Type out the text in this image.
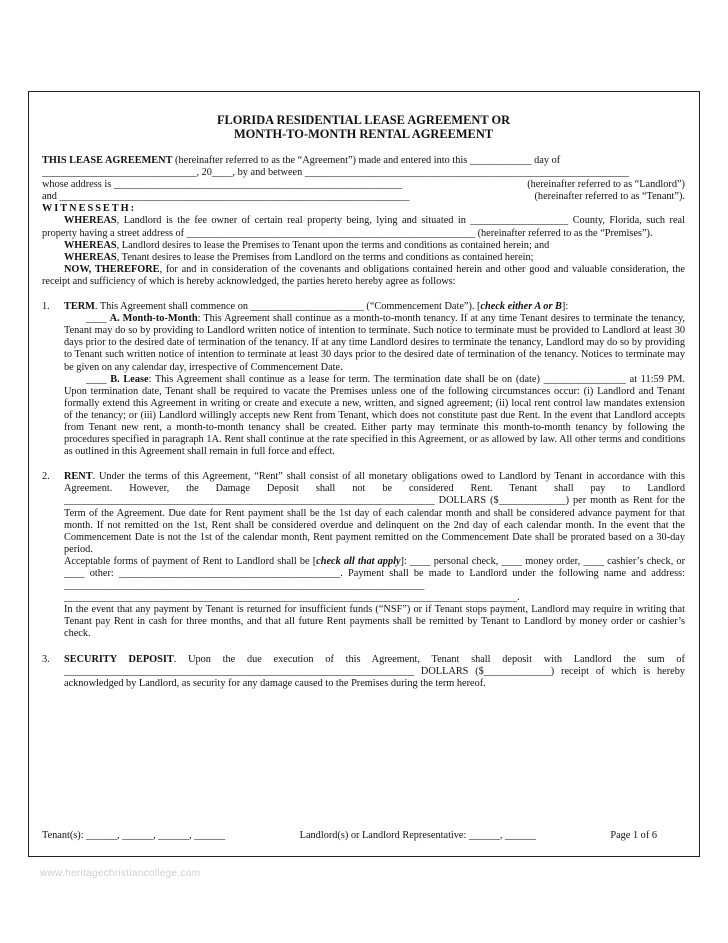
FLORIDA RESIDENTIAL LEASE AGREEMENT OR
MONTH-TO-MONTH RENTAL AGREEMENT

THIS LEASE AGREEMENT (hereinafter referred to as the “Agreement”) made and entered into this ____________ day of

______________________________, 20____, by and between _______________________________________________________________

whose address is ________________________________________________________	(hereinafter referred to as “Landlord”)
and ____________________________________________________________________	(hereinafter referred to as “Tenant”).

WITNESSETH:

WHEREAS, Landlord is the fee owner of certain real property being, lying and situated in ___________________ County, Florida, such real property having a street address of ________________________________________________________ (hereinafter referred to as the “Premises”).

WHEREAS, Landlord desires to lease the Premises to Tenant upon the terms and conditions as contained herein; and

WHEREAS, Tenant desires to lease the Premises from Landlord on the terms and conditions as contained herein;

NOW, THEREFORE, for and in consideration of the covenants and obligations contained herein and other good and valuable consideration, the receipt and sufficiency of which is hereby acknowledged, the parties hereto hereby agree as follows:

1.	TERM. This Agreement shall commence on ______________________ (“Commencement Date”). [check either A or B]:

____ A. Month-to-Month: This Agreement shall continue as a month-to-month tenancy. If at any time Tenant desires to terminate the tenancy, Tenant may do so by providing to Landlord written notice of intention to terminate. Such notice to terminate must be provided to Landlord at least 30 days prior to the desired date of termination of the tenancy. If at any time Landlord desires to terminate the tenancy, Landlord may do so by providing to Tenant such written notice of intention to terminate at least 30 days prior to the desired date of termination of the tenancy. Notices to terminate may be given on any calendar day, irrespective of Commencement Date.

____ B. Lease: This Agreement shall continue as a lease for term. The termination date shall be on (date) ________________ at 11:59 PM. Upon termination date, Tenant shall be required to vacate the Premises unless one of the following circumstances occur: (i) Landlord and Tenant formally extend this Agreement in writing or create and execute a new, written, and signed agreement; (ii) local rent control law mandates extension of the tenancy; or (iii) Landlord willingly accepts new Rent from Tenant, which does not constitute past due Rent. In the event that Landlord accepts from Tenant new rent, a month-to-month tenancy shall be created. Either party may terminate this month-to-month tenancy by following the procedures specified in paragraph 1A. Rent shall continue at the rate specified in this Agreement, or as allowed by law. All other terms and conditions as outlined in this Agreement shall remain in full force and effect.

2.	RENT. Under the terms of this Agreement, “Rent” shall consist of all monetary obligations owed to Landlord by Tenant in accordance with this Agreement. However, the Damage Deposit shall not be considered Rent. Tenant shall pay to Landlord ________________________________________________________________________ DOLLARS ($_____________) per month as Rent for the Term of the Agreement. Due date for Rent payment shall be the 1st day of each calendar month and shall be considered advance payment for that month. If not remitted on the 1st, Rent shall be considered overdue and delinquent on the 2nd day of each calendar month. In the event that the Commencement Date is not the 1st of the calendar month, Rent payment remitted on the Commencement Date shall be prorated based on a 30-day period.

Acceptable forms of payment of Rent to Landlord shall be [check all that apply]: ____ personal check, ____ money order, ____ cashier’s check, or ____ other: ___________________________________________. Payment shall be made to Landlord under the following name and address: ______________________________________________________________________ ________________________________________________________________________________________.

In the event that any payment by Tenant is returned for insufficient funds (“NSF”) or if Tenant stops payment, Landlord may require in writing that Tenant pay Rent in cash for three months, and that all future Rent payments shall be remitted by Tenant to Landlord by money order or cashier’s check.

3.	SECURITY DEPOSIT. Upon the due execution of this Agreement, Tenant shall deposit with Landlord the sum of ____________________________________________________________________ DOLLARS ($_____________) receipt of which is hereby acknowledged by Landlord, as security for any damage caused to the Premises during the term hereof.

Tenant(s): ______, ______, ______, ______	Landlord(s) or Landlord Representative: ______, ______	Page 1 of 6
www.heritagechristiancollege.com
